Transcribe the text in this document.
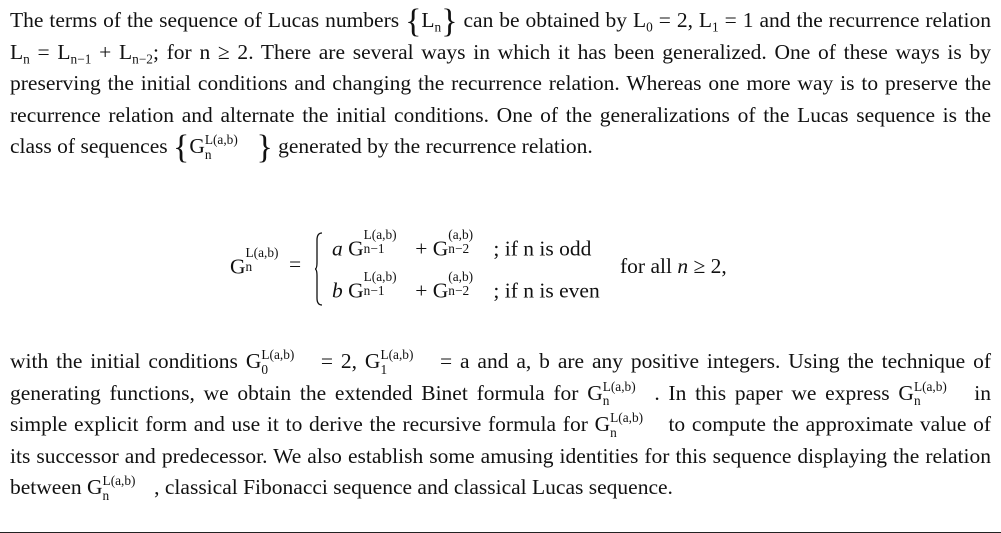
The terms of the sequence of Lucas numbers $\{L_n\}$ can be obtained by $L_0 = 2$, $L_1 = 1$ and the recurrence relation $L_n = L_{n-1} + L_{n-2}$; for n ≥ 2. There are several ways in which it has been generalized. One of these ways is by preserving the initial conditions and changing the recurrence relation. Whereas one more way is to preserve the recurrence relation and alternate the initial conditions. One of the generalizations of the Lucas sequence is the class of sequences {G L(a,b)
n } generated by the recurrence relation.
G
L(a,b)
n =
a G
L(a,b)
n−1 + G
(a,b)
n−2 ; if n is odd
b G
L(a,b)
n−1 + G
(a,b)
n−2 ; if n is even
for all n ≥ 2,
with the initial conditions G L(a,b)
0 = 2, G L(a,b)
1 = a and a, b are any positive integers. Using the technique of generating functions, we obtain the extended Binet formula for G L(a,b)
n . In this paper we express G L(a,b)
n in simple explicit form and use it to derive the recursive formula for G L(a,b)
n to compute the approximate value of its successor and predecessor. We also establish some amusing identities for this sequence displaying the relation between G L(a,b)
n , classical Fibonacci sequence and classical Lucas sequence.
